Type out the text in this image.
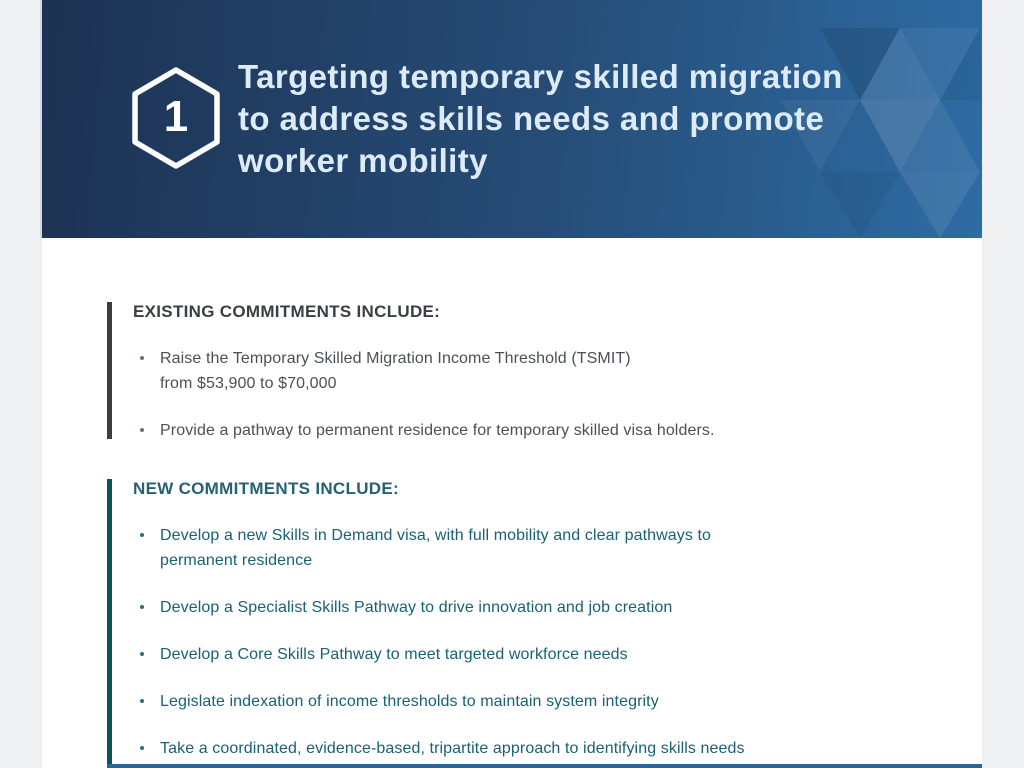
1
Targeting temporary skilled migration
to address skills needs and promote
worker mobility
EXISTING COMMITMENTS INCLUDE:
Raise the Temporary Skilled Migration Income Threshold (TSMIT)
from $53,900 to $70,000
Provide a pathway to permanent residence for temporary skilled visa holders.
NEW COMMITMENTS INCLUDE:
Develop a new Skills in Demand visa, with full mobility and clear pathways to
permanent residence
Develop a Specialist Skills Pathway to drive innovation and job creation
Develop a Core Skills Pathway to meet targeted workforce needs
Legislate indexation of income thresholds to maintain system integrity
Take a coordinated, evidence-based, tripartite approach to identifying skills needs
